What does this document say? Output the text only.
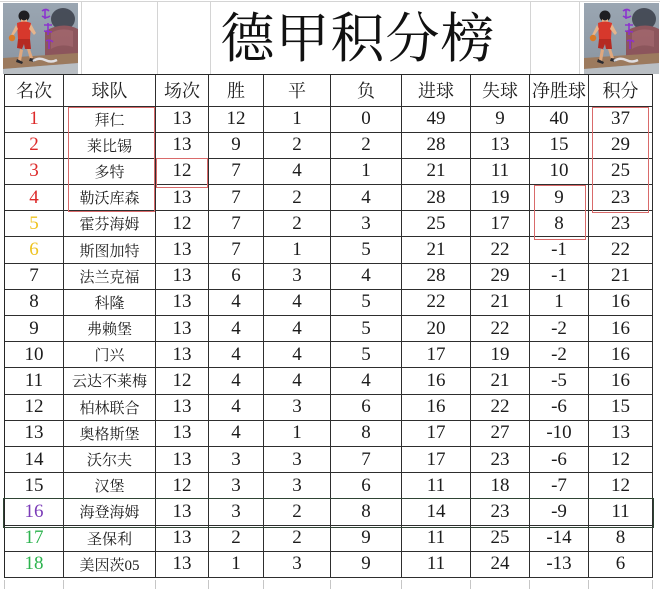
德甲积分榜
名次	球队	场次	胜	平	负	进球	失球 净胜球 积分
1	拜仁	13	12	1	0	49	9	40	37
2	莱比锡	13	9	2	2	28	13	15	29
3	多特	12	7	4	1	21	11	10	25
4	勒沃库森	13	7	2	4	28	19	9	23
5	霍芬海姆	12	7	2	3	25	17	8	23
6	斯图加特	13	7	1	5	21	22	-1	22
7	法兰克福	13	6	3	4	28	29	-1	21
8	科隆	13	4	4	5	22	21	1	16
9	弗赖堡	13	4	4	5	20	22	-2	16
10	门兴	13	4	4	5	17	19	-2	16
11	云达不莱梅	12	4	4	4	16	21	-5	16
12	柏林联合	13	4	3	6	16	22	-6	15
13	奥格斯堡	13	4	1	8	17	27	-10	13
14	沃尔夫	13	3	3	7	17	23	-6	12
15	汉堡	12	3	3	6	11	18	-7	12
16	海登海姆	13	3	2	8	14	23	-9	11
17	圣保利	13	2	2	9	11	25	-14	8
18	美因茨05	13	1	3	9	11	24	-13	6
